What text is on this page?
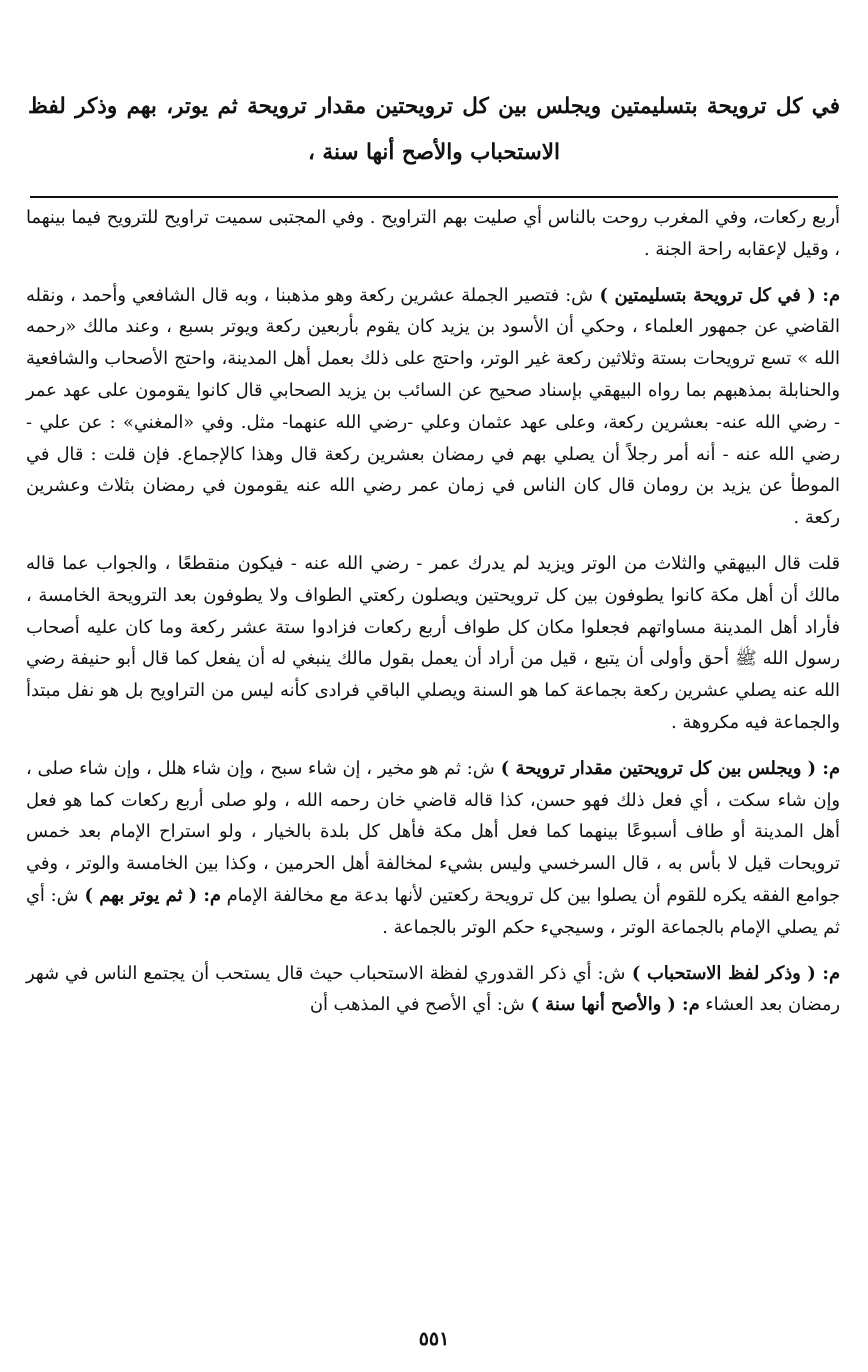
في كل ترويحة بتسليمتين ويجلس بين كل ترويحتين مقدار ترويحة ثم يوتر، بهم وذكر لفظ الاستحباب والأصح أنها سنة ،

أربع ركعات، وفي المغرب روحت بالناس أي صليت بهم التراويح . وفي المجتبى سميت تراويح للترويح فيما بينهما ، وقيل لإعقابه راحة الجنة .

م: ( في كل ترويحة بتسليمتين ) ش: فتصير الجملة عشرين ركعة وهو مذهبنا ، وبه قال الشافعي وأحمد ، ونقله القاضي عن جمهور العلماء ، وحكي أن الأسود بن يزيد كان يقوم بأربعين ركعة ويوتر بسبع ، وعند مالك «رحمه الله » تسع ترويحات بستة وثلاثين ركعة غير الوتر، واحتج على ذلك بعمل أهل المدينة، واحتج الأصحاب والشافعية والحنابلة بمذهبهم بما رواه البيهقي بإسناد صحيح عن السائب بن يزيد الصحابي قال كانوا يقومون على عهد عمر - رضي الله عنه- بعشرين ركعة، وعلى عهد عثمان وعلي -رضي الله عنهما- مثل. وفي «المغني» : عن علي - رضي الله عنه - أنه أمر رجلاً أن يصلي بهم في رمضان بعشرين ركعة قال وهذا كالإجماع. فإن قلت : قال في الموطأ عن يزيد بن رومان قال كان الناس في زمان عمر رضي الله عنه يقومون في رمضان بثلاث وعشرين ركعة .

قلت قال البيهقي والثلاث من الوتر ويزيد لم يدرك عمر - رضي الله عنه - فيكون منقطعًا ، والجواب عما قاله مالك أن أهل مكة كانوا يطوفون بين كل ترويحتين ويصلون ركعتي الطواف ولا يطوفون بعد الترويحة الخامسة ، فأراد أهل المدينة مساواتهم فجعلوا مكان كل طواف أربع ركعات فزادوا ستة عشر ركعة وما كان عليه أصحاب رسول الله ﷺ أحق وأولى أن يتبع ، قيل من أراد أن يعمل بقول مالك ينبغي له أن يفعل كما قال أبو حنيفة رضي الله عنه يصلي عشرين ركعة بجماعة كما هو السنة ويصلي الباقي فرادى كأنه ليس من التراويح بل هو نفل مبتدأ والجماعة فيه مكروهة .

م: ( ويجلس بين كل ترويحتين مقدار ترويحة ) ش: ثم هو مخير ، إن شاء سبح ، وإن شاء هلل ، وإن شاء صلى ، وإن شاء سكت ، أي فعل ذلك فهو حسن، كذا قاله قاضي خان رحمه الله ، ولو صلى أربع ركعات كما هو فعل أهل المدينة أو طاف أسبوعًا بينهما كما فعل أهل مكة فأهل كل بلدة بالخيار ، ولو استراح الإمام بعد خمس ترويحات قيل لا بأس به ، قال السرخسي وليس بشيء لمخالفة أهل الحرمين ، وكذا بين الخامسة والوتر ، وفي جوامع الفقه يكره للقوم أن يصلوا بين كل ترويحة ركعتين لأنها بدعة مع مخالفة الإمام م: ( ثم يوتر بهم ) ش: أي ثم يصلي الإمام بالجماعة الوتر ، وسيجيء حكم الوتر بالجماعة .

م: ( وذكر لفظ الاستحباب ) ش: أي ذكر القدوري لفظة الاستحباب حيث قال يستحب أن يجتمع الناس في شهر رمضان بعد العشاء م: ( والأصح أنها سنة ) ش: أي الأصح في المذهب أن

٥٥١
